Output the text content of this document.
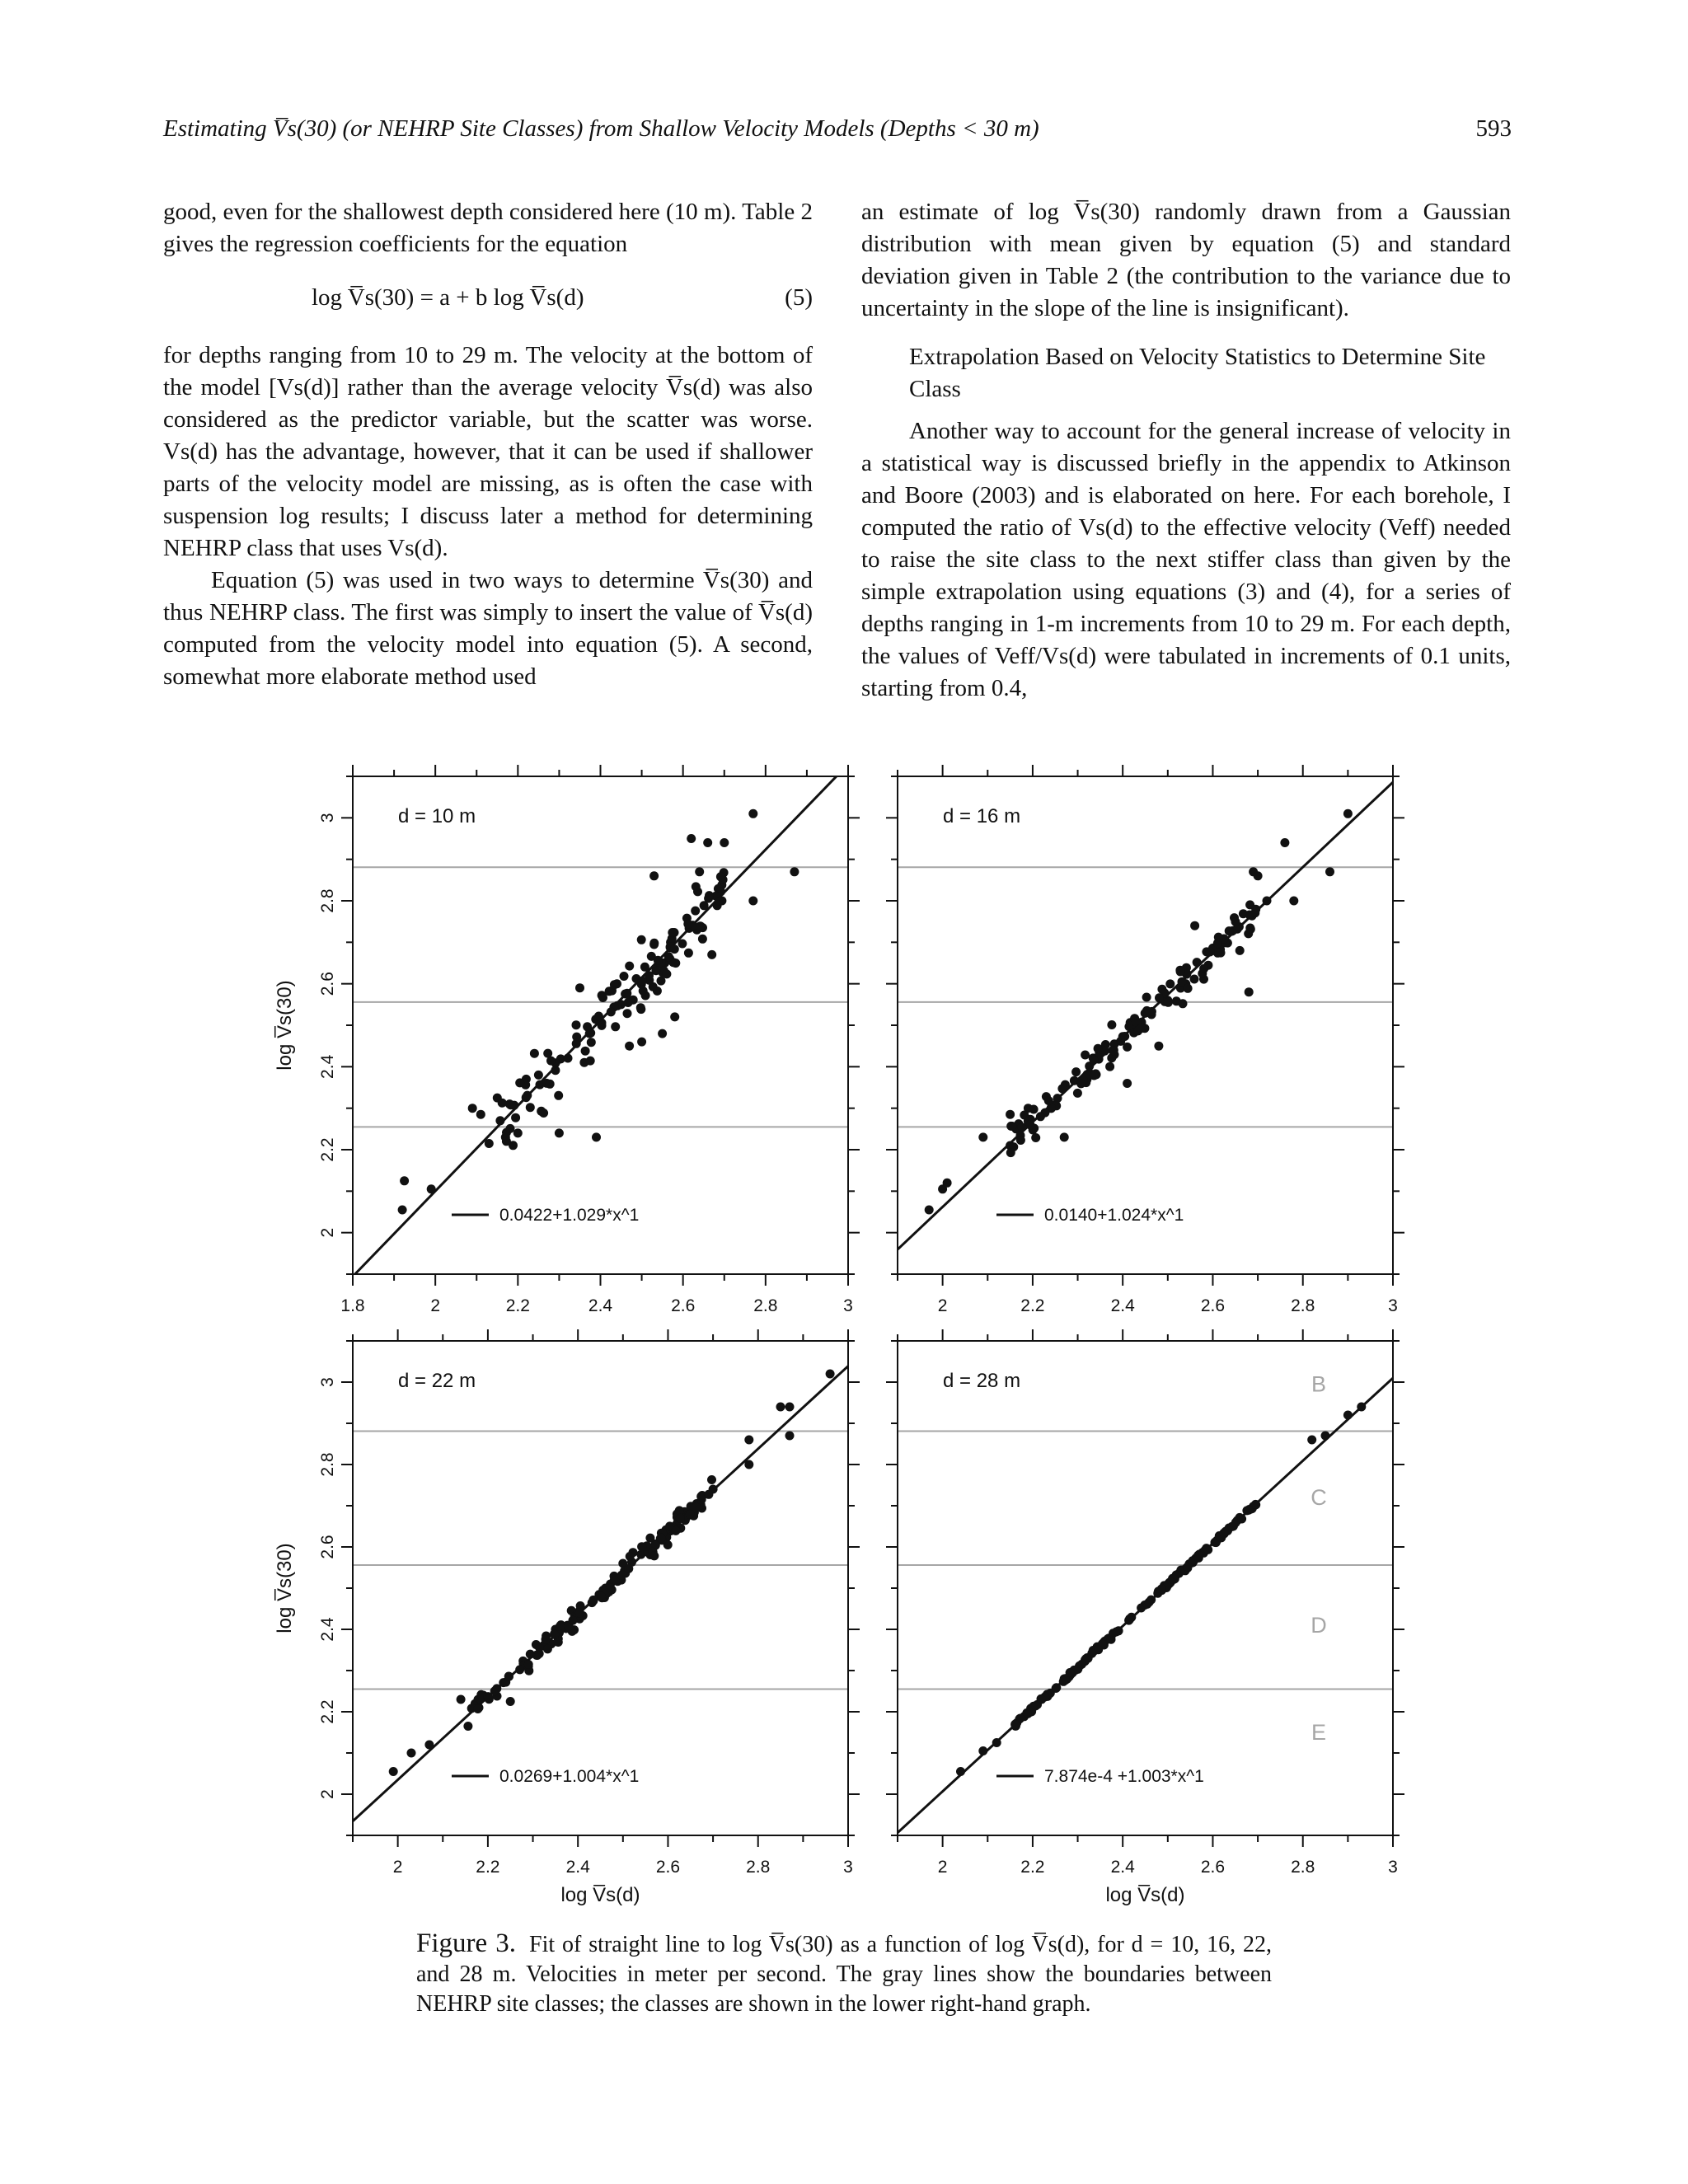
Estimating V̅s(30) (or NEHRP Site Classes) from Shallow Velocity Models (Depths < 30 m)	593

good, even for the shallowest depth considered here (10 m). Table 2 gives the regression coefficients for the equation

log V̅s(30) = a + b log V̅s(d)	(5)

for depths ranging from 10 to 29 m. The velocity at the bottom of the model [Vs(d)] rather than the average velocity V̅s(d) was also considered as the predictor variable, but the scatter was worse. Vs(d) has the advantage, however, that it can be used if shallower parts of the velocity model are missing, as is often the case with suspension log results; I discuss later a method for determining NEHRP class that uses Vs(d).

Equation (5) was used in two ways to determine V̅s(30) and thus NEHRP class. The first was simply to insert the value of V̅s(d) computed from the velocity model into equation (5). A second, somewhat more elaborate method used

an estimate of log V̅s(30) randomly drawn from a Gaussian distribution with mean given by equation (5) and standard deviation given in Table 2 (the contribution to the variance due to uncertainty in the slope of the line is insignificant).

Extrapolation Based on Velocity Statistics to Determine Site Class

Another way to account for the general increase of velocity in a statistical way is discussed briefly in the appendix to Atkinson and Boore (2003) and is elaborated on here. For each borehole, I computed the ratio of Vs(d) to the effective velocity (Veff) needed to raise the site class to the next stiffer class than given by the simple extrapolation using equations (3) and (4), for a series of depths ranging in 1-m increments from 10 to 29 m. For each depth, the values of Veff/Vs(d) were tabulated in increments of 0.1 units, starting from 0.4,

1.8	2	2.2	2.4	2.6	2.8	3
2
2.2
2.4
2.6
2.8
3	d = 10 m
0.0422+1.029*x^1
log V̅s(30)
2	2.2	2.4	2.6	2.8	3
d = 16 m
0.0140+1.024*x^1
2	2.2	2.4	2.6	2.8	3
2
2.2
2.4
2.6
2.8
3	d = 22 m
0.0269+1.004*x^1
log V̅s(30)
log V̅s(d)
B
C
D
E
2	2.2	2.4	2.6	2.8	3
d = 28 m
7.874e-4 +1.003*x^1
log V̅s(d)
Figure 3. Fit of straight line to log V̅s(30) as a function of log V̅s(d), for d = 10, 16, 22, and 28 m. Velocities in meter per second. The gray lines show the boundaries between NEHRP site classes; the classes are shown in the lower right-hand graph.
